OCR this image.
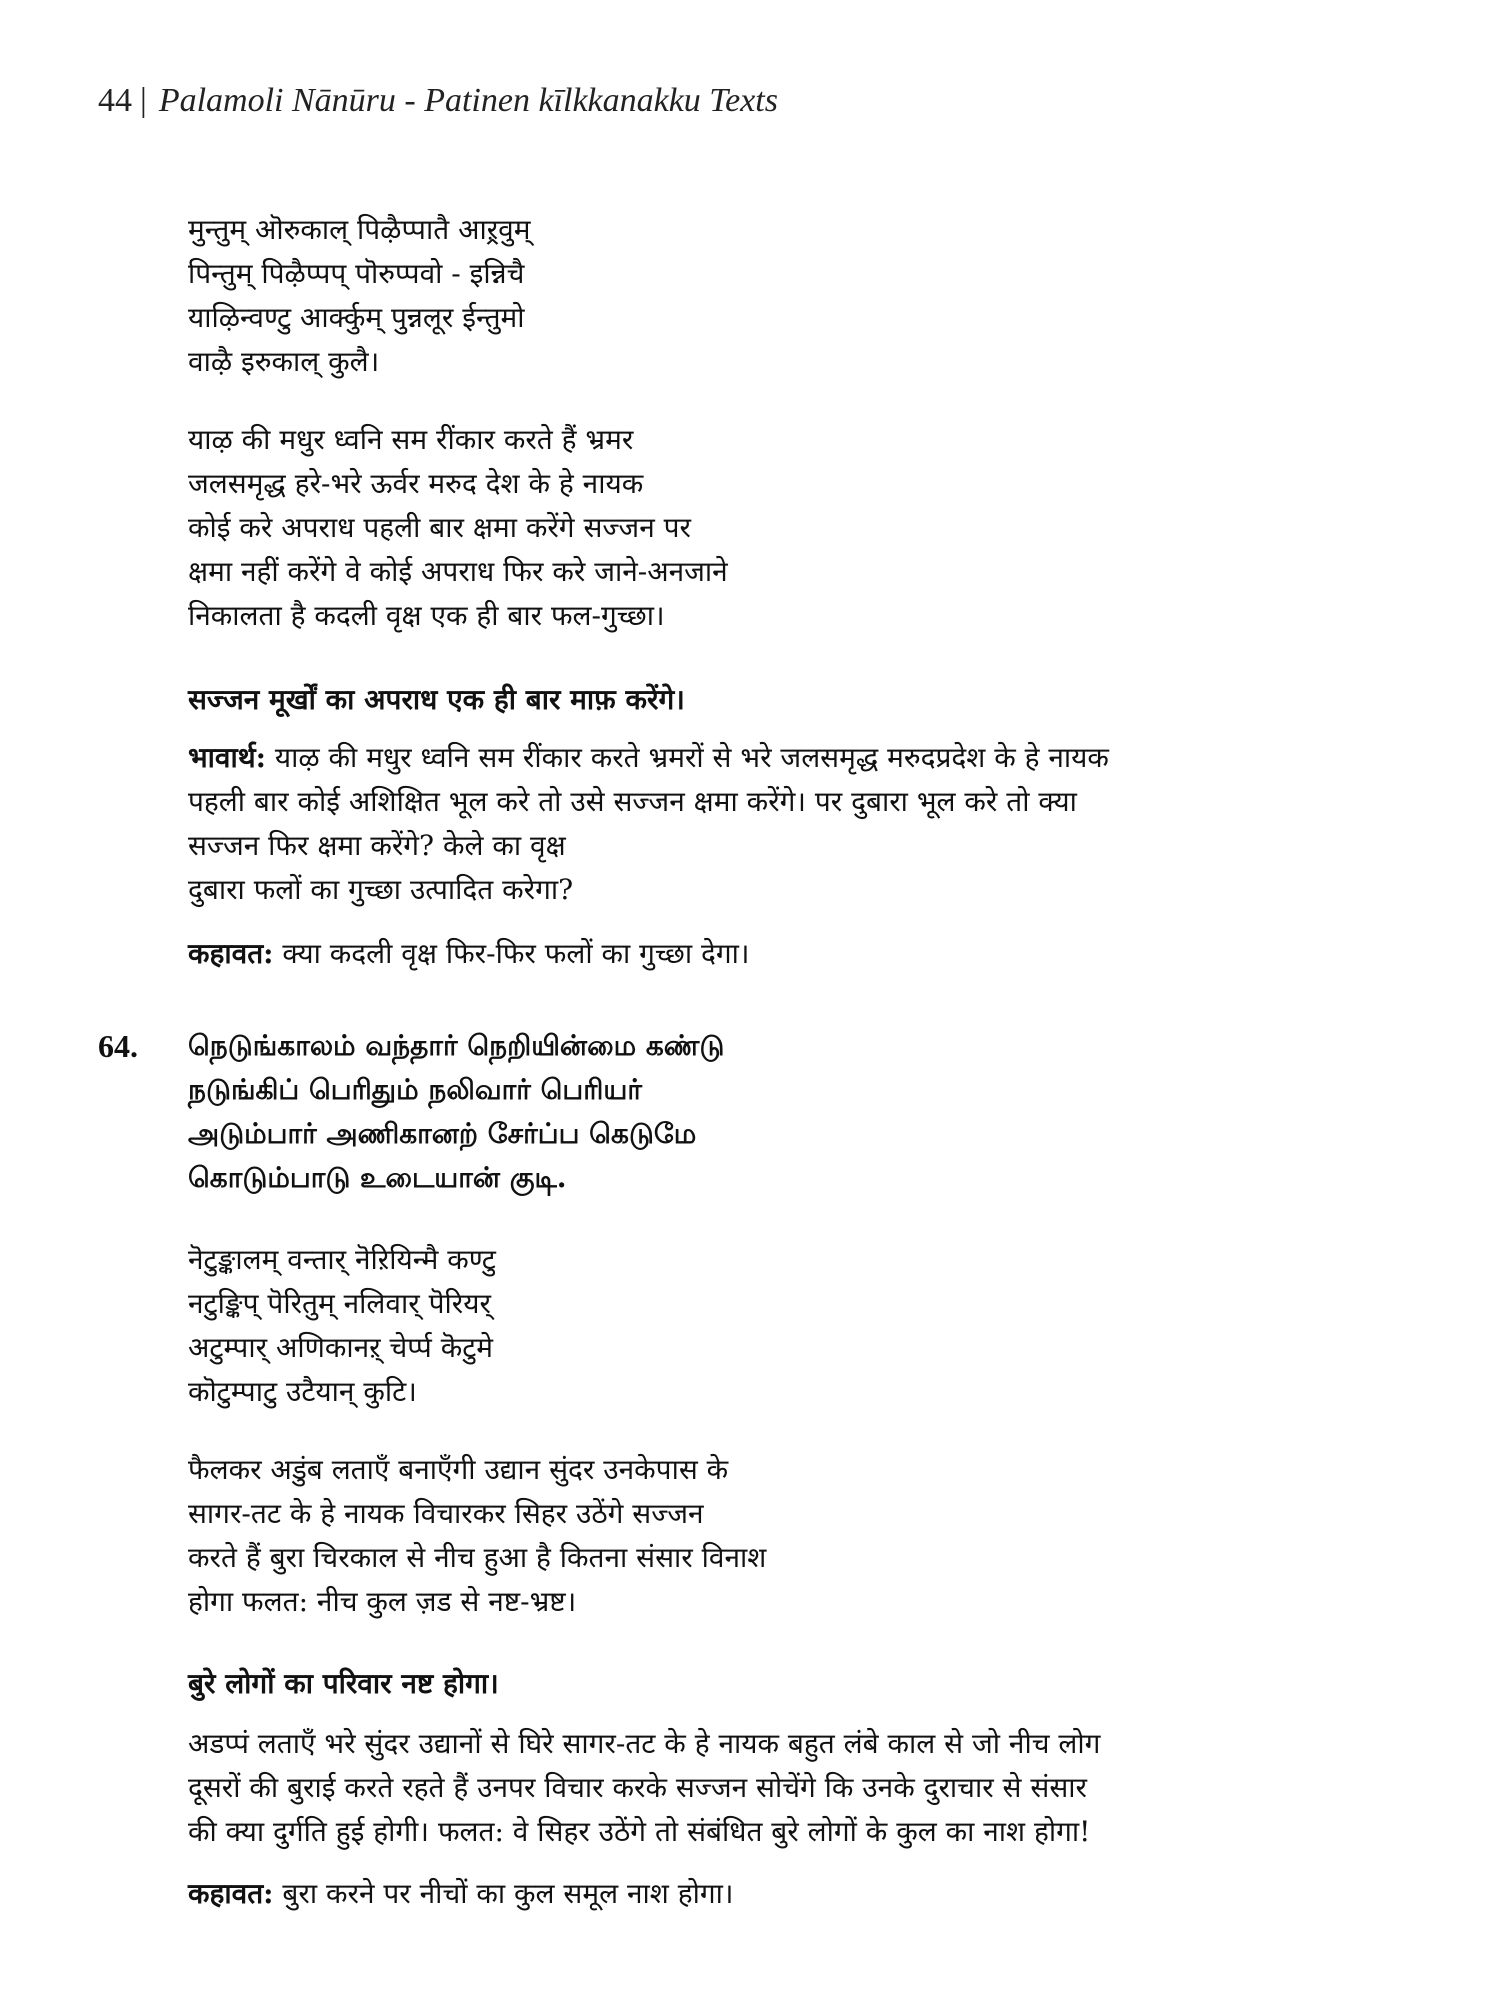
44 | Palamoli Nānūru - Patinen kīlkkanakku Texts
मुन्तुम् ऒरुकाल् पिऴैप्पातै आऱ्रवुम्
पिन्तुम् पिऴैप्पप् पॊरुप्पवो - इन्निचै
याऴिन्वण्टु आर्क्कुम् पुन्नलूर ईन्तुमो
वाऴै इरुकाल् कुलै।
याऴ की मधुर ध्वनि सम रींकार करते हैं भ्रमर
जलसमृद्ध हरे-भरे ऊर्वर मरुद देश के हे नायक
कोई करे अपराध पहली बार क्षमा करेंगे सज्जन पर
क्षमा नहीं करेंगे वे कोई अपराध फिर करे जाने-अनजाने
निकालता है कदली वृक्ष एक ही बार फल-गुच्छा।
सज्जन मूर्खों का अपराध एक ही बार माफ़ करेंगे।
भावार्थ: याऴ की मधुर ध्वनि सम रींकार करते भ्रमरों से भरे जलसमृद्ध मरुदप्रदेश के हे नायक
पहली बार कोई अशिक्षित भूल करे तो उसे सज्जन क्षमा करेंगे। पर दुबारा भूल करे तो क्या
सज्जन फिर क्षमा करेंगे? केले का वृक्ष
दुबारा फलों का गुच्छा उत्पादित करेगा?
कहावत: क्या कदली वृक्ष फिर-फिर फलों का गुच्छा देगा।
64. நெடுங்காலம் வந்தார் நெறியின்மை கண்டு
நடுங்கிப் பெரிதும் நலிவார் பெரியர்
அடும்பார் அணிகானற் சேர்ப்ப கெடுமே
கொடும்பாடு உடையான் குடி.
नॆटुङ्कालम् वन्तार् नॆऱियिन्मै कण्टु
नटुङ्किप् पॆरितुम् नलिवार् पॆरियर्
अटुम्पार् अणिकानऱ् चेर्प्प कॆटुमे
कॊटुम्पाटु उटैयान् कुटि।
फैलकर अडुंब लताएँ बनाएँगी उद्यान सुंदर उनकेपास के
सागर-तट के हे नायक विचारकर सिहर उठेंगे सज्जन
करते हैं बुरा चिरकाल से नीच हुआ है कितना संसार विनाश
होगा फलत: नीच कुल ज़ड से नष्ट-भ्रष्ट।
बुरे लोगों का परिवार नष्ट होगा।
अडप्पं लताएँ भरे सुंदर उद्यानों से घिरे सागर-तट के हे नायक बहुत लंबे काल से जो नीच लोग
दूसरों की बुराई करते रहते हैं उनपर विचार करके सज्जन सोचेंगे कि उनके दुराचार से संसार
की क्या दुर्गति हुई होगी। फलत: वे सिहर उठेंगे तो संबंधित बुरे लोगों के कुल का नाश होगा!
कहावत: बुरा करने पर नीचों का कुल समूल नाश होगा।
